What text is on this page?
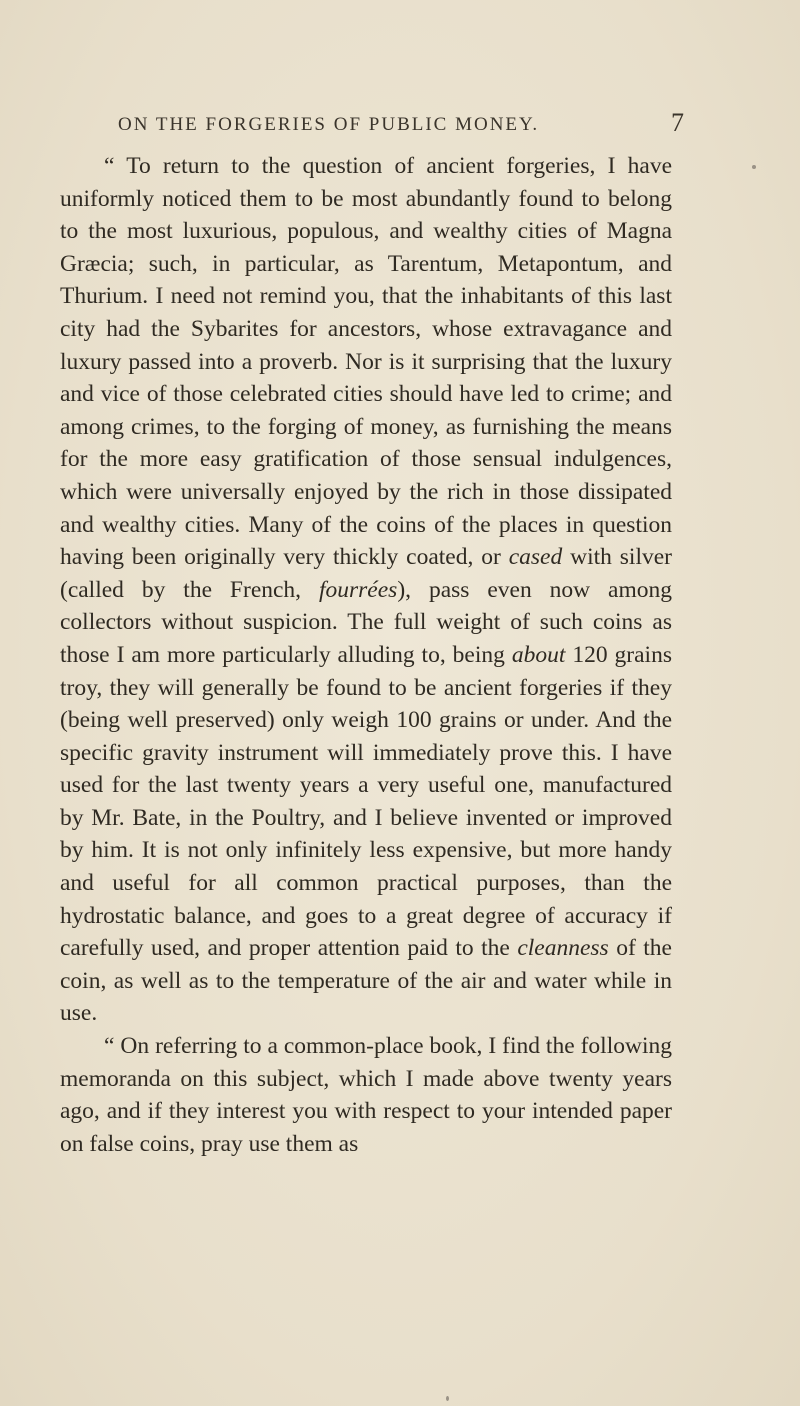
ON THE FORGERIES OF PUBLIC MONEY.	7

“ To return to the question of ancient forgeries, I have uniformly noticed them to be most abundantly found to belong to the most luxurious, populous, and wealthy cities of Magna Græcia; such, in particular, as Tarentum, Metapontum, and Thurium. I need not remind you, that the inhabitants of this last city had the Sybarites for ancestors, whose extravagance and luxury passed into a proverb. Nor is it surprising that the luxury and vice of those celebrated cities should have led to crime; and among crimes, to the forging of money, as furnishing the means for the more easy gratification of those sensual indulgences, which were universally enjoyed by the rich in those dissipated and wealthy cities. Many of the coins of the places in question having been originally very thickly coated, or cased with silver (called by the French, fourrées), pass even now among collectors without suspicion. The full weight of such coins as those I am more particularly alluding to, being about 120 grains troy, they will generally be found to be ancient forgeries if they (being well preserved) only weigh 100 grains or under. And the specific gravity instrument will immediately prove this. I have used for the last twenty years a very useful one, manufactured by Mr. Bate, in the Poultry, and I believe invented or improved by him. It is not only infinitely less expensive, but more handy and useful for all common practical purposes, than the hydrostatic balance, and goes to a great degree of accuracy if carefully used, and proper attention paid to the cleanness of the coin, as well as to the temperature of the air and water while in use.

“ On referring to a common-place book, I find the following memoranda on this subject, which I made above twenty years ago, and if they interest you with respect to your intended paper on false coins, pray use them as
